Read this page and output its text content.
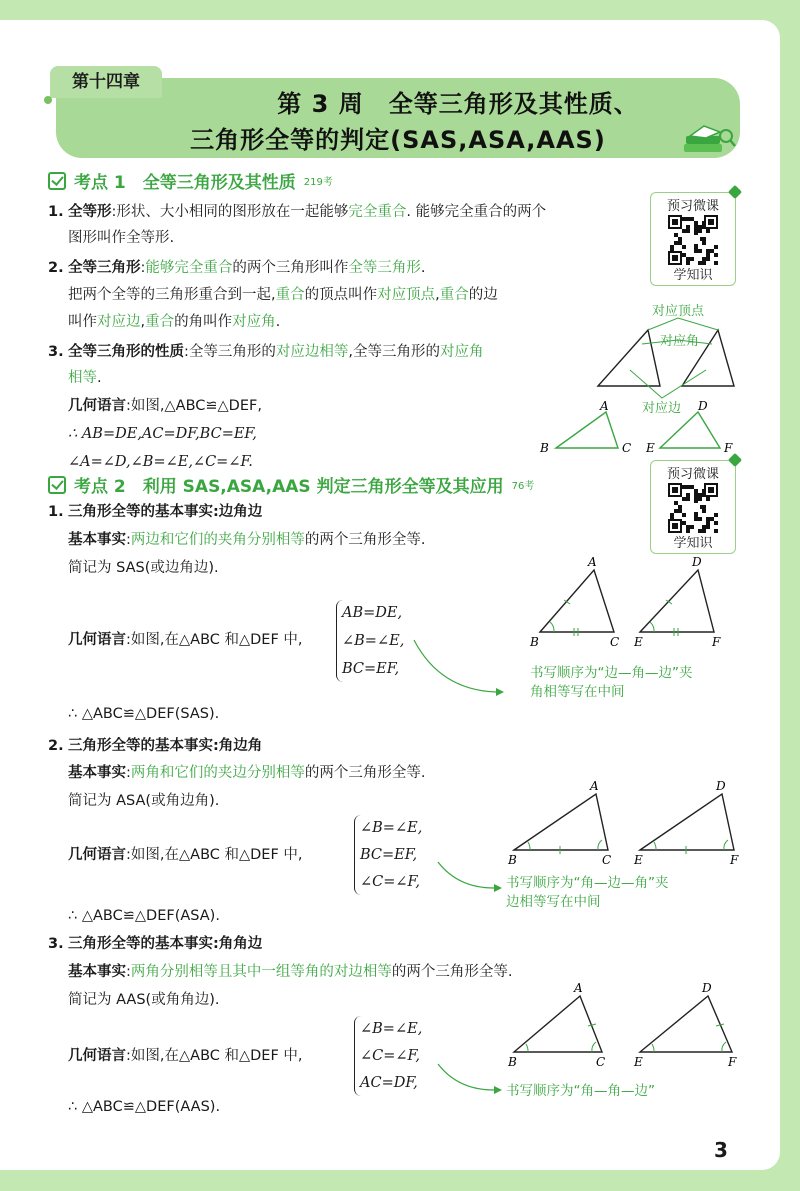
第 3 周　全等三角形及其性质、
三角形全等的判定(SAS,ASA,AAS)
第十四章
考点 1　全等三角形及其性质 219考
预习微课
学知识
1. 全等形:形状、大小相同的图形放在一起能够完全重合. 能够完全重合的两个
图形叫作全等形.
2. 全等三角形:能够完全重合的两个三角形叫作全等三角形.
把两个全等的三角形重合到一起,重合的顶点叫作对应顶点,重合的边
叫作对应边,重合的角叫作对应角.
3. 全等三角形的性质:全等三角形的对应边相等,全等三角形的对应角
相等.
几何语言:如图,△ABC≌△DEF,
∴ AB=DE,AC=DF,BC=EF,
∠A=∠D,∠B=∠E,∠C=∠F.
对应顶点
对应角
对应边
A
B	C
D
E	F
考点 2　利用 SAS,ASA,AAS 判定三角形全等及其应用 76考
预习微课
学知识
1. 三角形全等的基本事实:边角边
基本事实:两边和它们的夹角分别相等的两个三角形全等.
简记为 SAS(或边角边).
几何语言:如图,在△ABC 和△DEF 中,
AB=DE,
∠B=∠E,
BC=EF,
∴ △ABC≌△DEF(SAS).
书写顺序为“边—角—边”夹角相等写在中间
A
B	C
D
E	F
2. 三角形全等的基本事实:角边角
基本事实:两角和它们的夹边分别相等的两个三角形全等.
简记为 ASA(或角边角).
几何语言:如图,在△ABC 和△DEF 中,
∠B=∠E,
BC=EF,
∠C=∠F,
∴ △ABC≌△DEF(ASA).
书写顺序为“角—边—角”夹边相等写在中间
A
B	C
D
E	F
3. 三角形全等的基本事实:角角边
基本事实:两角分别相等且其中一组等角的对边相等的两个三角形全等.
简记为 AAS(或角角边).
几何语言:如图,在△ABC 和△DEF 中,
∠B=∠E,
∠C=∠F,
AC=DF,
∴ △ABC≌△DEF(AAS).
书写顺序为“角—角—边”
A
B	C
D
E	F
3
